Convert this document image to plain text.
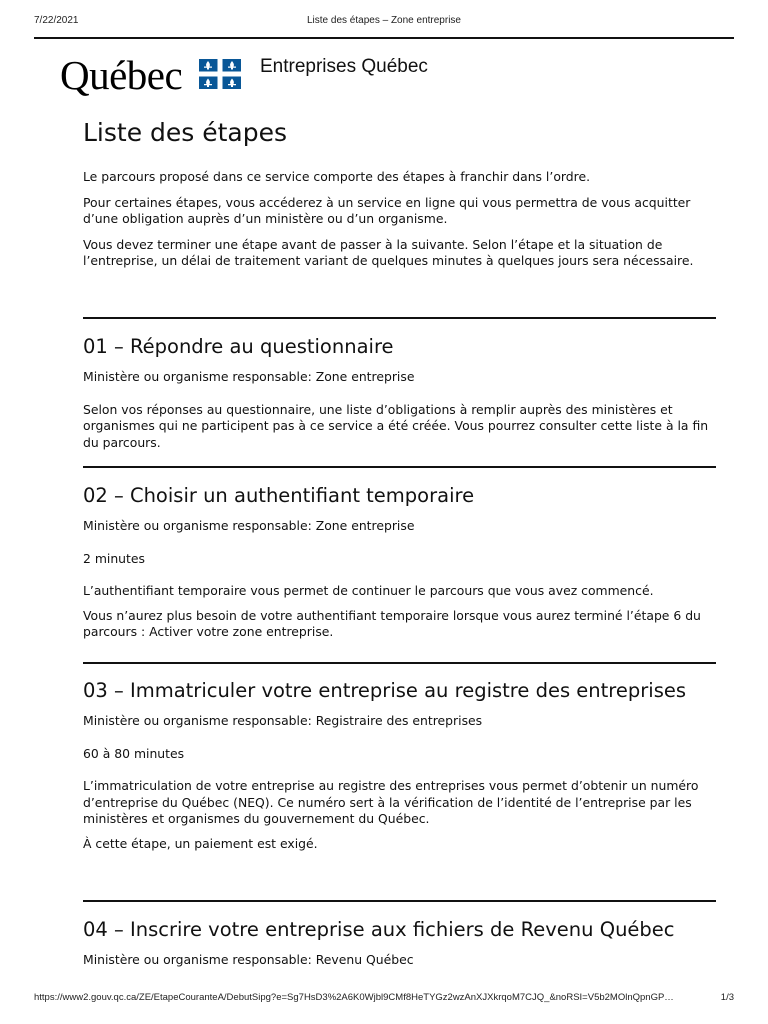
7/22/2021	Liste des étapes – Zone entreprise
Québec	Entreprises Québec
Liste des étapes

Le parcours proposé dans ce service comporte des étapes à franchir dans l’ordre.

Pour certaines étapes, vous accéderez à un service en ligne qui vous permettra de vous acquitter d’une obligation auprès d’un ministère ou d’un organisme.

Vous devez terminer une étape avant de passer à la suivante. Selon l’étape et la situation de l’entreprise, un délai de traitement variant de quelques minutes à quelques jours sera nécessaire.

01 – Répondre au questionnaire

Ministère ou organisme responsable: Zone entreprise

Selon vos réponses au questionnaire, une liste d’obligations à remplir auprès des ministères et organismes qui ne participent pas à ce service a été créée. Vous pourrez consulter cette liste à la fin du parcours.

02 – Choisir un authentifiant temporaire

Ministère ou organisme responsable: Zone entreprise

2 minutes

L’authentifiant temporaire vous permet de continuer le parcours que vous avez commencé.

Vous n’aurez plus besoin de votre authentifiant temporaire lorsque vous aurez terminé l’étape 6 du parcours : Activer votre zone entreprise.

03 – Immatriculer votre entreprise au registre des entreprises

Ministère ou organisme responsable: Registraire des entreprises

60 à 80 minutes

L’immatriculation de votre entreprise au registre des entreprises vous permet d’obtenir un numéro d’entreprise du Québec (NEQ). Ce numéro sert à la vérification de l’identité de l’entreprise par les ministères et organismes du gouvernement du Québec.

À cette étape, un paiement est exigé.

04 – Inscrire votre entreprise aux fichiers de Revenu Québec

Ministère ou organisme responsable: Revenu Québec

https://www2.gouv.qc.ca/ZE/EtapeCouranteA/DebutSipg?e=Sg7HsD3%2A6K0Wjbl9CMf8HeTYGz2wzAnXJXkrqoM7CJQ_&noRSI=V5b2MOlnQpnGP…	1/3
